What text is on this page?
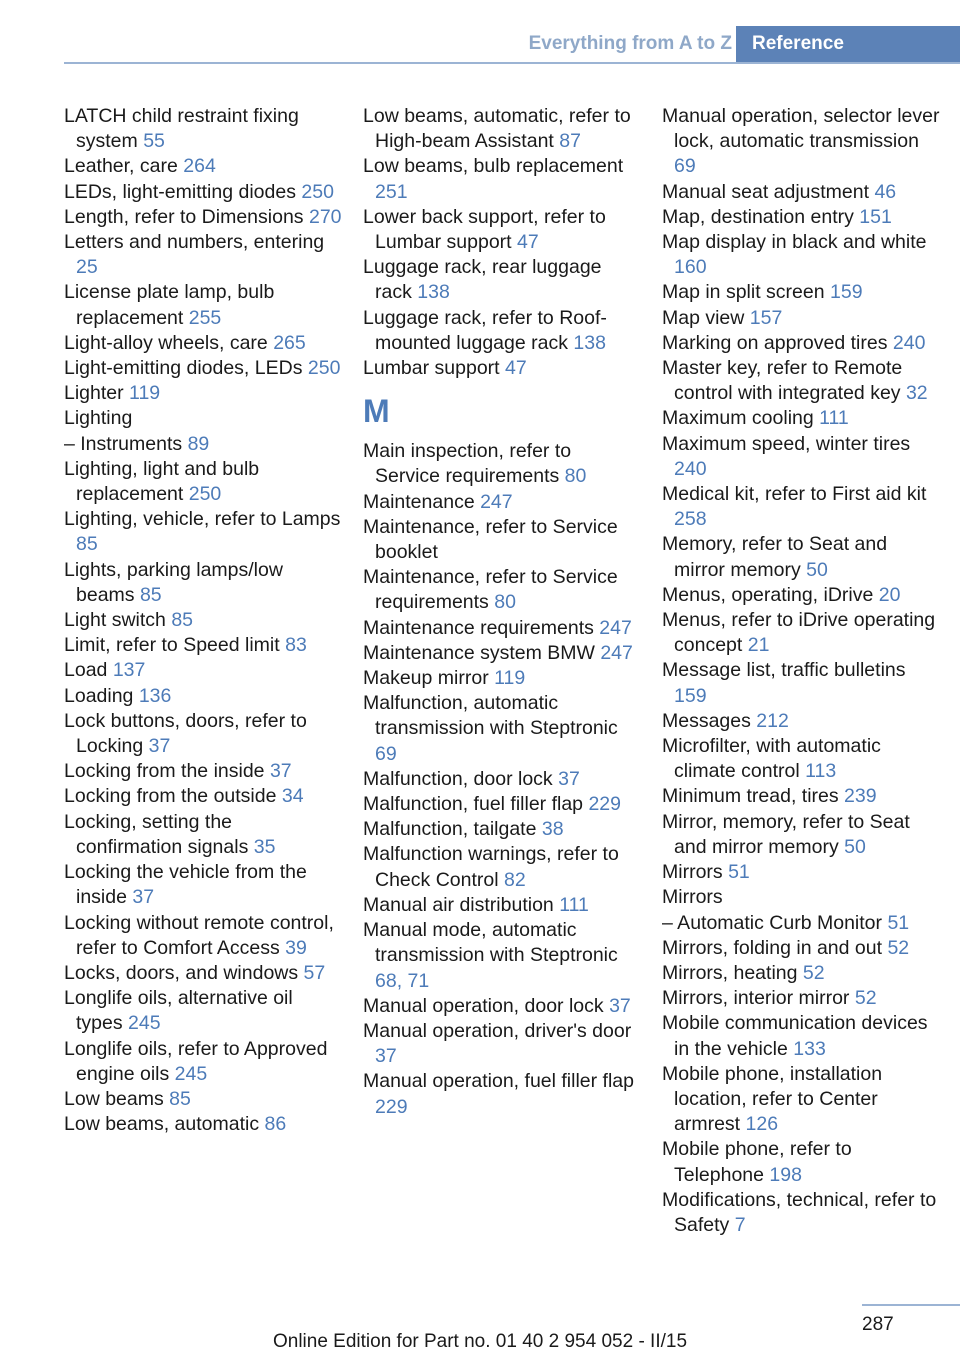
Everything from A to Z	Reference
LATCH child restraint fixing system 55
Leather, care 264
LEDs, light-emitting diodes 250
Length, refer to Dimensions 270
Letters and numbers, entering 25
License plate lamp, bulb replacement 255
Light-alloy wheels, care 265
Light-emitting diodes, LEDs 250
Lighter 119
Lighting
– Instruments 89
Lighting, light and bulb replacement 250
Lighting, vehicle, refer to Lamps 85
Lights, parking lamps/low beams 85
Light switch 85
Limit, refer to Speed limit 83
Load 137
Loading 136
Lock buttons, doors, refer to Locking 37
Locking from the inside 37
Locking from the outside 34
Locking, setting the confirmation signals 35
Locking the vehicle from the inside 37
Locking without remote control, refer to Comfort Access 39
Locks, doors, and windows 57
Longlife oils, alternative oil types 245
Longlife oils, refer to Approved engine oils 245
Low beams 85
Low beams, automatic 86
Low beams, automatic, refer to High-beam Assistant 87
Low beams, bulb replacement 251
Lower back support, refer to Lumbar support 47
Luggage rack, rear luggage rack 138
Luggage rack, refer to Roof-mounted luggage rack 138
Lumbar support 47
M
Main inspection, refer to Service requirements 80
Maintenance 247
Maintenance, refer to Service booklet
Maintenance, refer to Service requirements 80
Maintenance requirements 247
Maintenance system BMW 247
Makeup mirror 119
Malfunction, automatic transmission with Steptronic 69
Malfunction, door lock 37
Malfunction, fuel filler flap 229
Malfunction, tailgate 38
Malfunction warnings, refer to Check Control 82
Manual air distribution 111
Manual mode, automatic transmission with Steptronic 68, 71
Manual operation, door lock 37
Manual operation, driver's door 37
Manual operation, fuel filler flap 229
Manual operation, selector lever lock, automatic transmission 69
Manual seat adjustment 46
Map, destination entry 151
Map display in black and white 160
Map in split screen 159
Map view 157
Marking on approved tires 240
Master key, refer to Remote control with integrated key 32
Maximum cooling 111
Maximum speed, winter tires 240
Medical kit, refer to First aid kit 258
Memory, refer to Seat and mirror memory 50
Menus, operating, iDrive 20
Menus, refer to iDrive operating concept 21
Message list, traffic bulletins 159
Messages 212
Microfilter, with automatic climate control 113
Minimum tread, tires 239
Mirror, memory, refer to Seat and mirror memory 50
Mirrors 51
Mirrors
– Automatic Curb Monitor 51
Mirrors, folding in and out 52
Mirrors, heating 52
Mirrors, interior mirror 52
Mobile communication devices in the vehicle 133
Mobile phone, installation location, refer to Center armrest 126
Mobile phone, refer to Telephone 198
Modifications, technical, refer to Safety 7
287
Online Edition for Part no. 01 40 2 954 052 - II/15
